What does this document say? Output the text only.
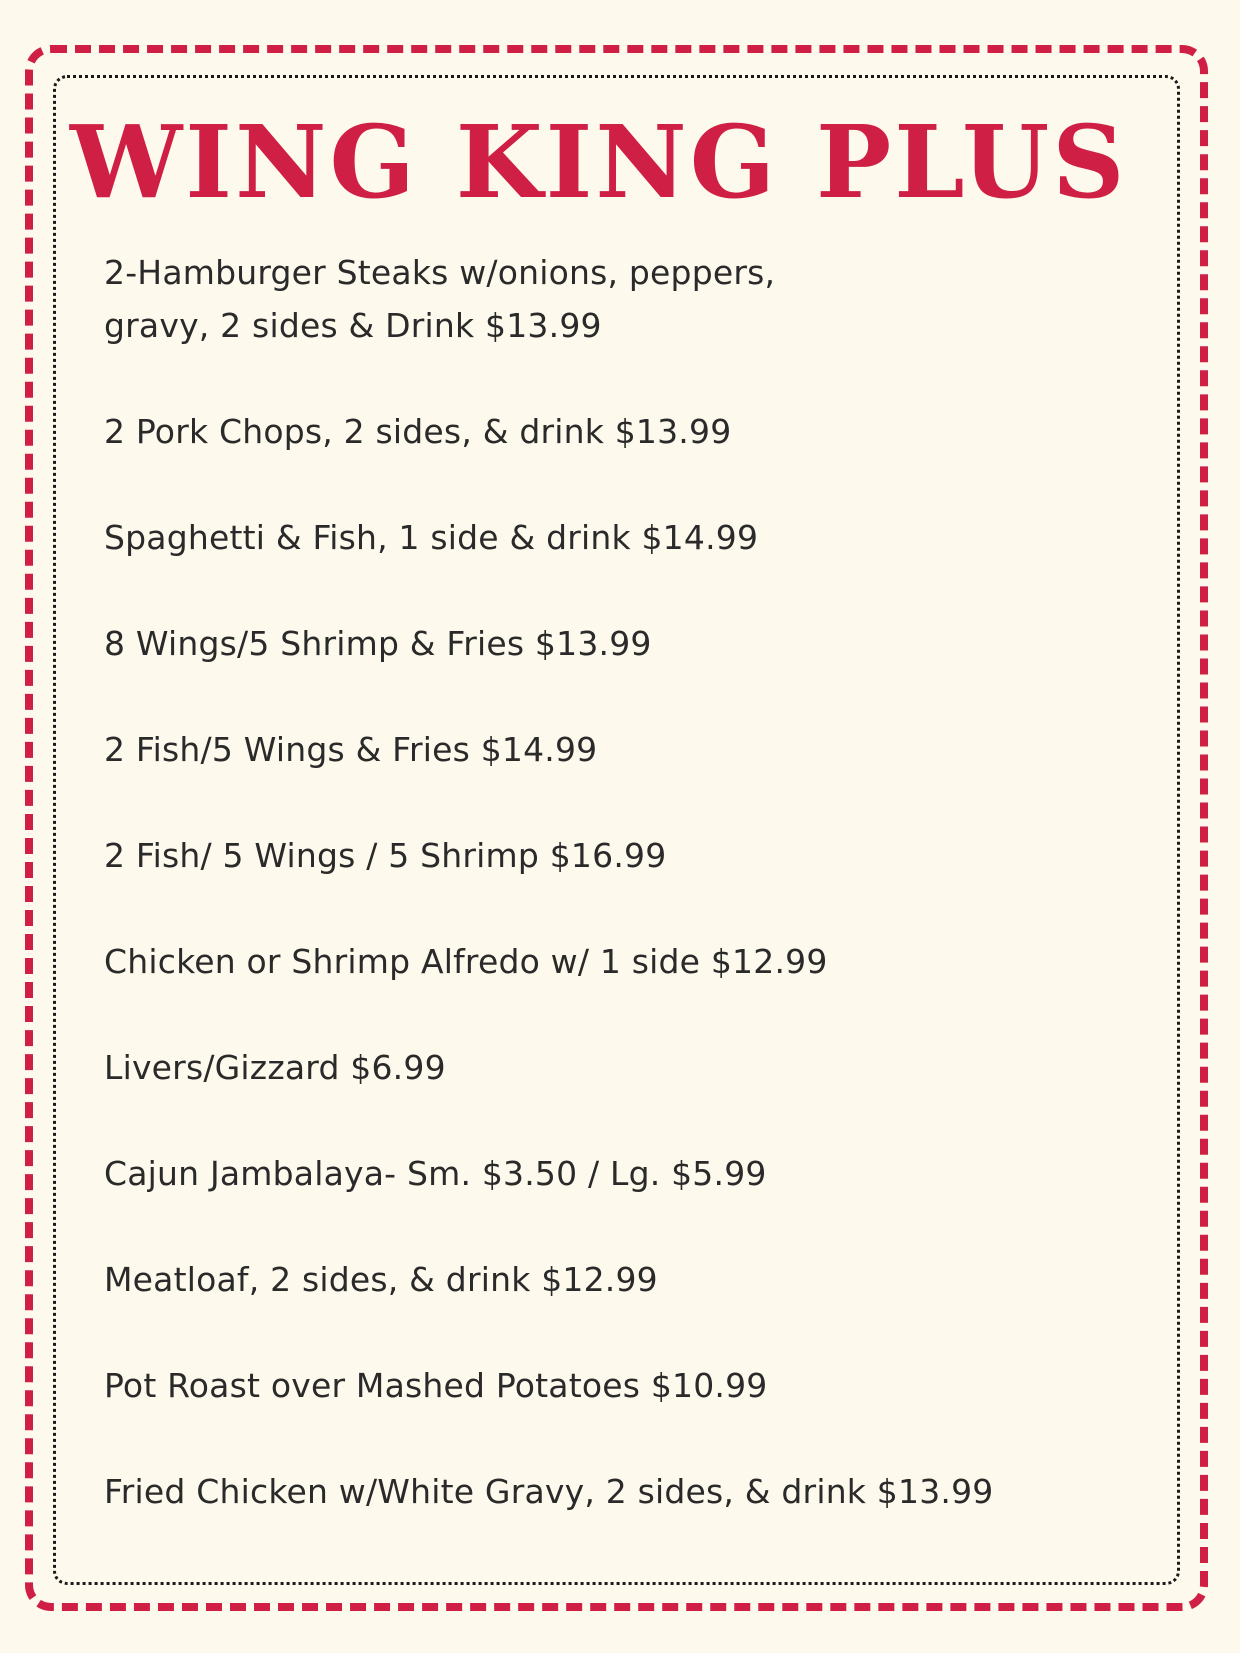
WING KING PLUS
2-Hamburger Steaks w/onions, peppers,
gravy, 2 sides & Drink $13.99
2 Pork Chops, 2 sides, & drink $13.99
Spaghetti & Fish, 1 side & drink $14.99
8 Wings/5 Shrimp & Fries $13.99
2 Fish/5 Wings & Fries $14.99
2 Fish/ 5 Wings / 5 Shrimp $16.99
Chicken or Shrimp Alfredo w/ 1 side $12.99
Livers/Gizzard $6.99
Cajun Jambalaya- Sm. $3.50 / Lg. $5.99
Meatloaf, 2 sides, & drink $12.99
Pot Roast over Mashed Potatoes $10.99
Fried Chicken w/White Gravy, 2 sides, & drink $13.99
